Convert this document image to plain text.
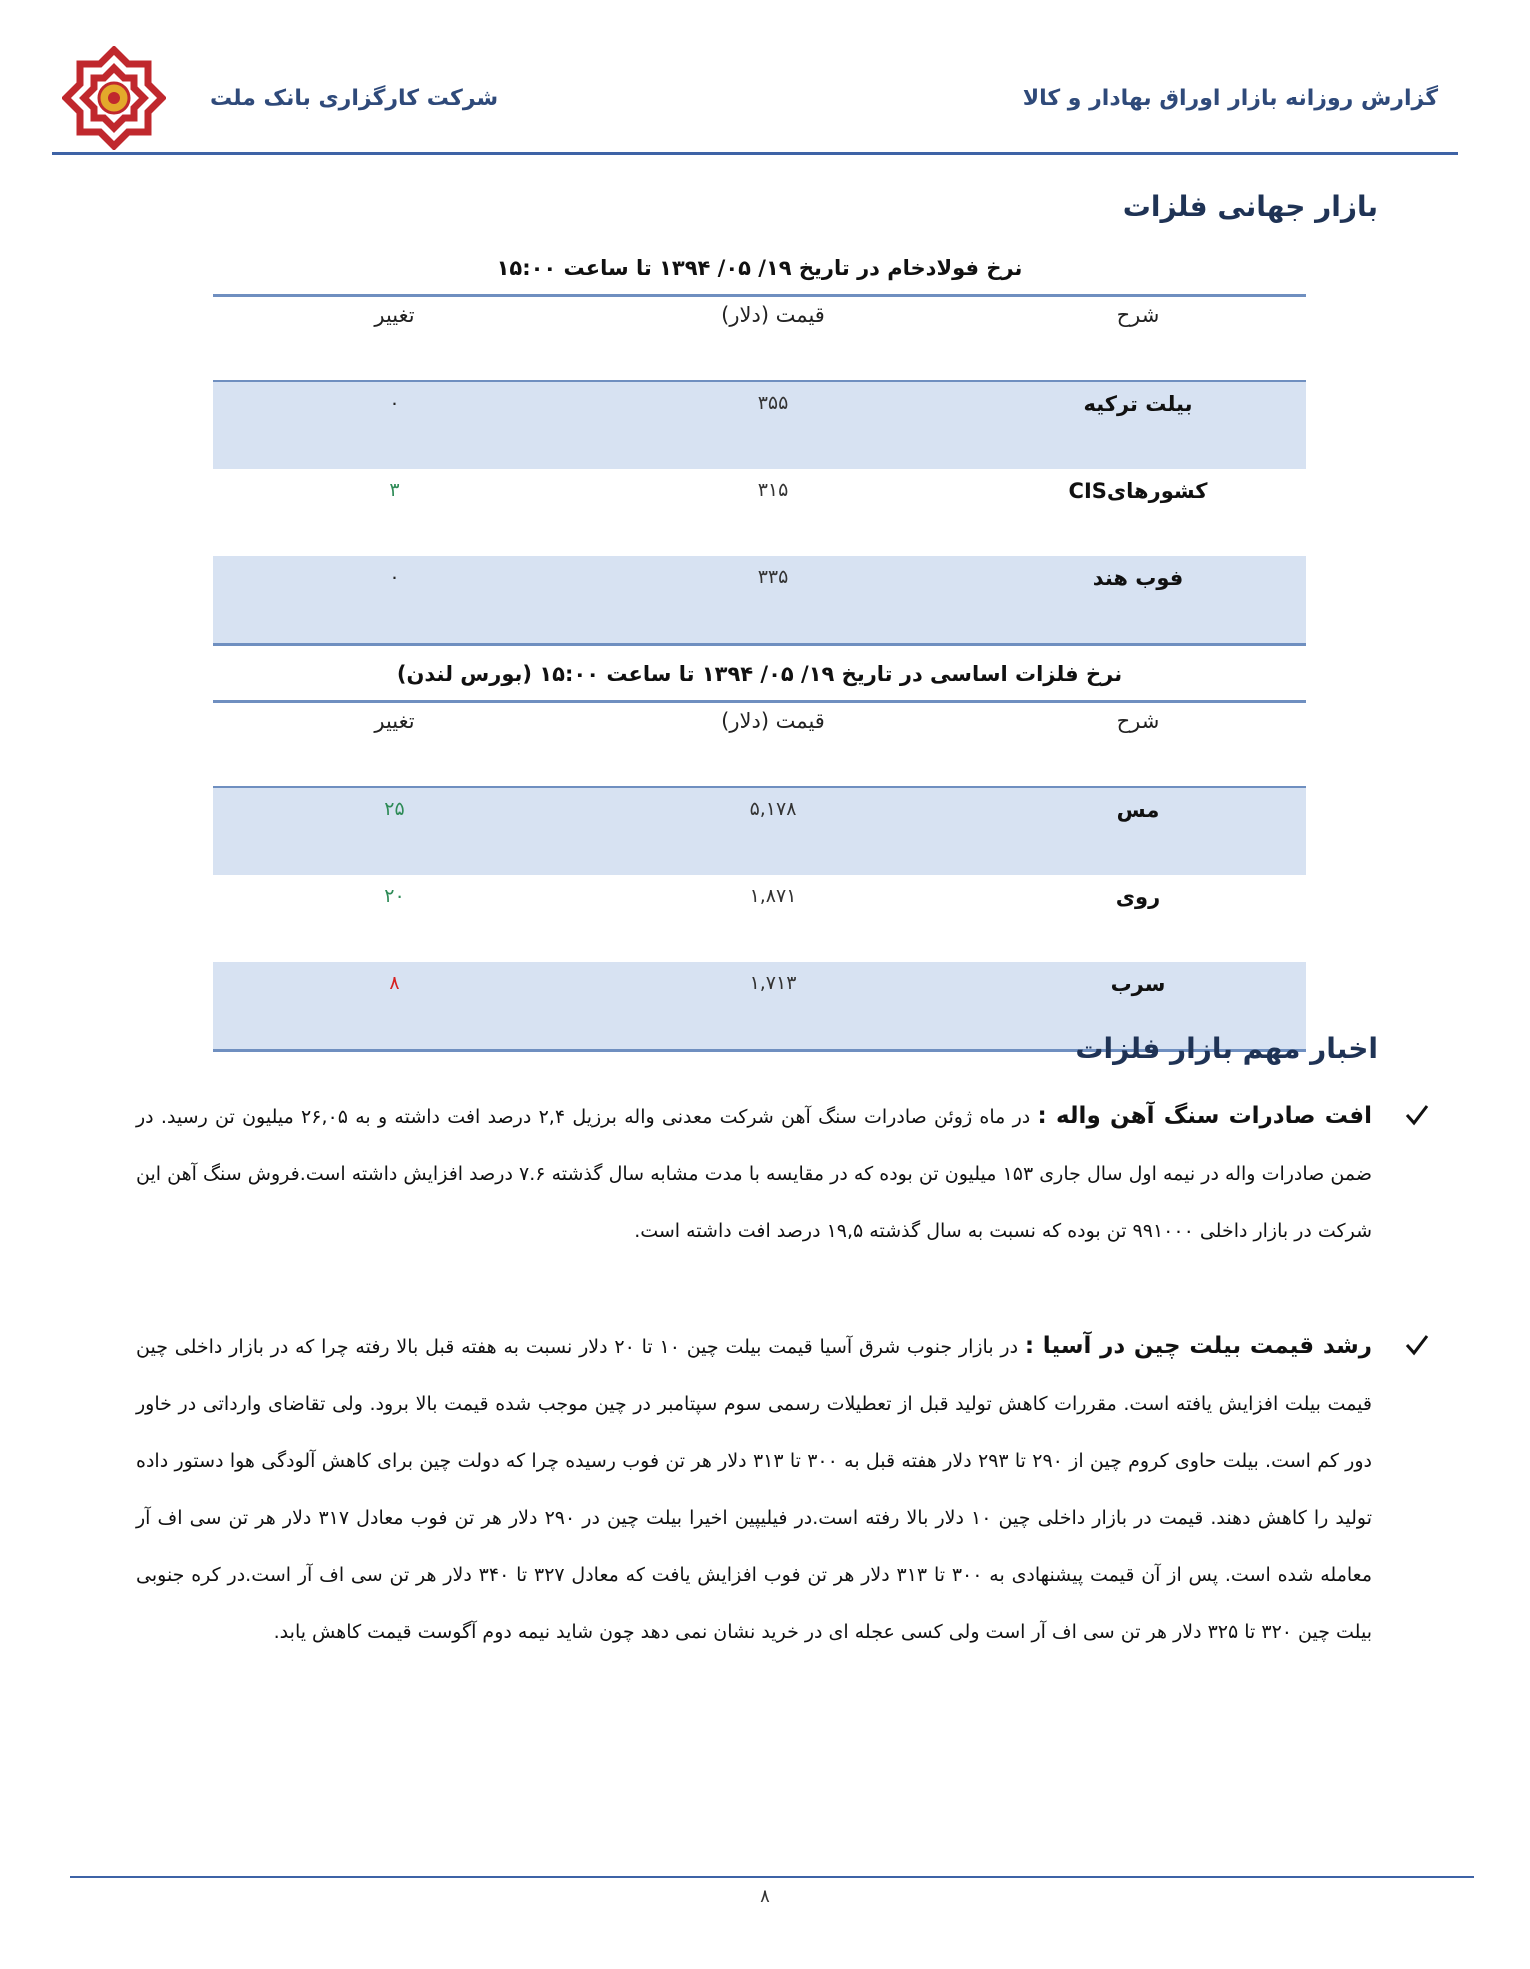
شرکت کارگزاری بانک ملت	گزارش روزانه بازار اوراق بهادار و کالا
بازار جهانی فلزات
نرخ فولادخام در تاریخ ۱۹/ ۰۵/ ۱۳۹۴ تا ساعت ۱۵:۰۰
شرح	قیمت (دلار)	تغییر
بیلت ترکیه	۳۵۵	۰
کشورهایCIS	۳۱۵	۳
فوب هند	۳۳۵	۰
نرخ فلزات اساسی در تاریخ ۱۹/ ۰۵/ ۱۳۹۴ تا ساعت ۱۵:۰۰ (بورس لندن)
شرح	قیمت (دلار)	تغییر
مس	۵,۱۷۸	۲۵
روی	۱,۸۷۱	۲۰
سرب	۱,۷۱۳	۸
اخبار مهم بازار فلزات
افت صادرات سنگ آهن واله : در ماه ژوئن صادرات سنگ آهن شرکت معدنی واله برزیل ۲,۴ درصد افت داشته و به ۲۶,۰۵ میلیون تن رسید. در ضمن صادرات واله در نیمه اول سال جاری ۱۵۳ میلیون تن بوده که در مقایسه با مدت مشابه سال گذشته ۷.۶ درصد افزایش داشته است.فروش سنگ آهن این شرکت در بازار داخلی ۹۹۱۰۰۰ تن بوده که نسبت به سال گذشته ۱۹,۵ درصد افت داشته است.
رشد قیمت بیلت چین در آسیا : در بازار جنوب شرق آسیا قیمت بیلت چین ۱۰ تا ۲۰ دلار نسبت به هفته قبل بالا رفته چرا که در بازار داخلی چین قیمت بیلت افزایش یافته است. مقررات کاهش تولید قبل از تعطیلات رسمی سوم سپتامبر در چین موجب شده قیمت بالا برود. ولی تقاضای وارداتی در خاور دور کم است. بیلت حاوی کروم چین از ۲۹۰ تا ۲۹۳ دلار هفته قبل به ۳۰۰ تا ۳۱۳ دلار هر تن فوب رسیده چرا که دولت چین برای کاهش آلودگی هوا دستور داده تولید را کاهش دهند. قیمت در بازار داخلی چین ۱۰ دلار بالا رفته است.در فیلیپین اخیرا بیلت چین در ۲۹۰ دلار هر تن فوب معادل ۳۱۷ دلار هر تن سی اف آر معامله شده است. پس از آن قیمت پیشنهادی به ۳۰۰ تا ۳۱۳ دلار هر تن فوب افزایش یافت که معادل ۳۲۷ تا ۳۴۰ دلار هر تن سی اف آر است.در کره جنوبی بیلت چین ۳۲۰ تا ۳۲۵ دلار هر تن سی اف آر است ولی کسی عجله ای در خرید نشان نمی دهد چون شاید نیمه دوم آگوست قیمت کاهش یابد.
۸
